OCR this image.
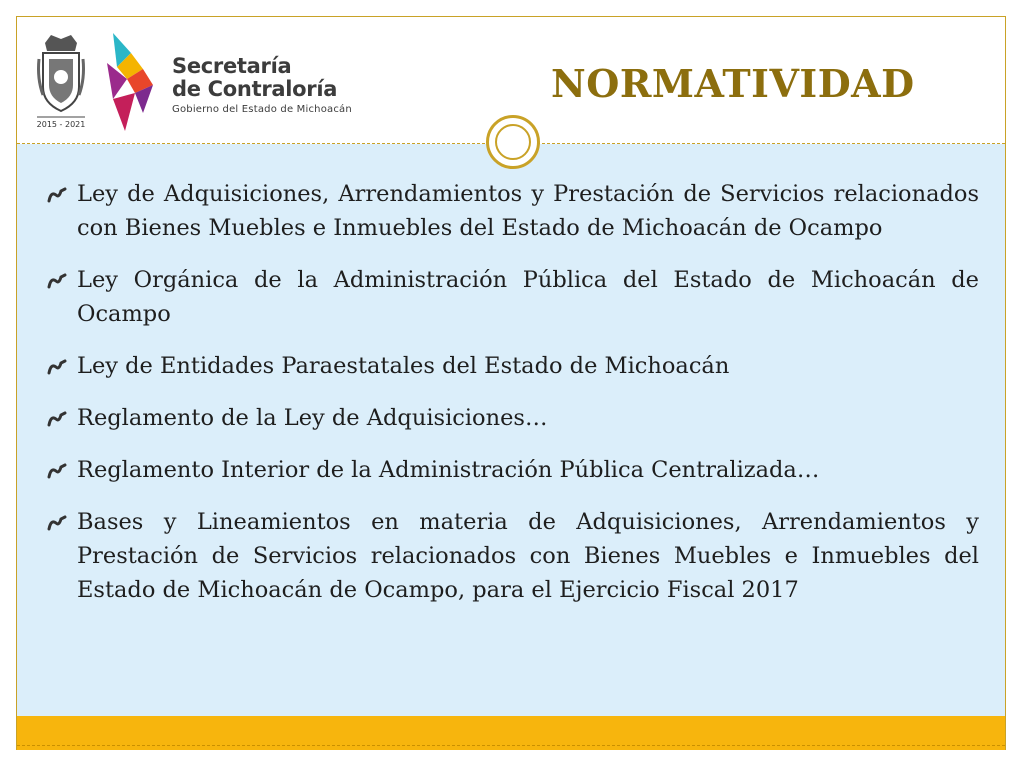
2015 - 2021
Secretaría
de Contraloría
Gobierno del Estado de Michoacán
NORMATIVIDAD
Ley de Adquisiciones, Arrendamientos y Prestación de Servicios relacionados con Bienes Muebles e Inmuebles del Estado de Michoacán de Ocampo
Ley Orgánica de la Administración Pública del Estado de Michoacán de Ocampo
Ley de Entidades Paraestatales del Estado de Michoacán
Reglamento de la Ley de Adquisiciones…
Reglamento Interior de la Administración Pública Centralizada…
Bases y Lineamientos en materia de Adquisiciones, Arrendamientos y Prestación de Servicios relacionados con Bienes Muebles e Inmuebles del Estado de Michoacán de Ocampo, para el Ejercicio Fiscal 2017
